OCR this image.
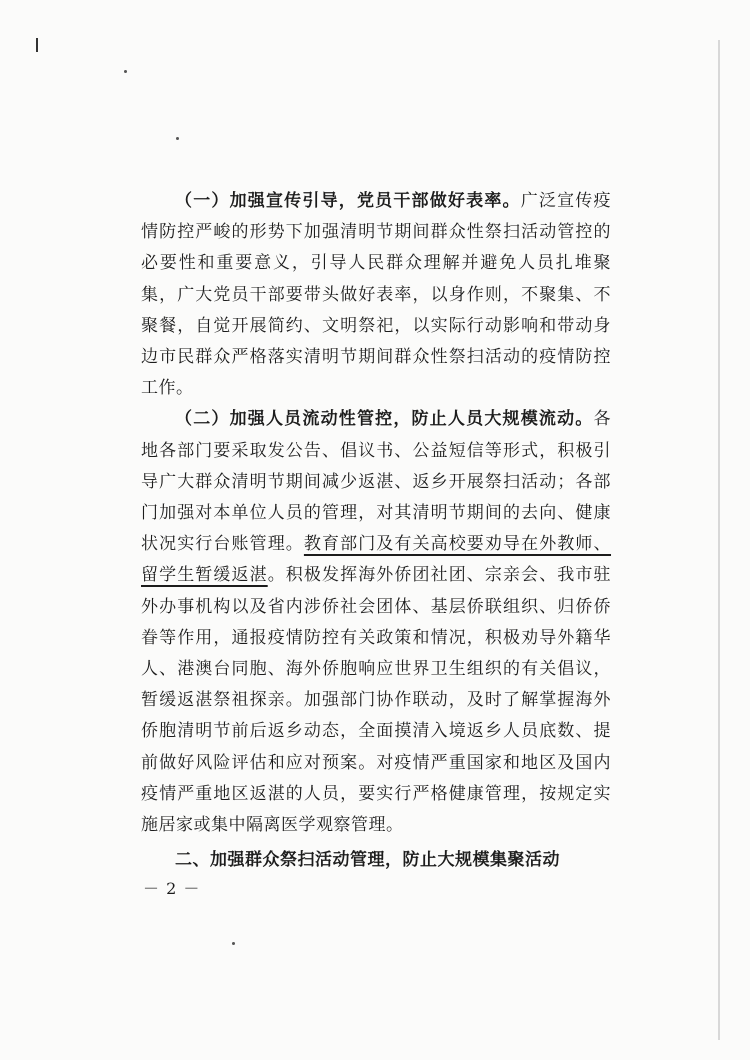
（一）加强宣传引导，党员干部做好表率。广泛宣传疫情防控严峻的形势下加强清明节期间群众性祭扫活动管控的必要性和重要意义，引导人民群众理解并避免人员扎堆聚集，广大党员干部要带头做好表率，以身作则，不聚集、不聚餐，自觉开展简约、文明祭祀，以实际行动影响和带动身边市民群众严格落实清明节期间群众性祭扫活动的疫情防控工作。

（二）加强人员流动性管控，防止人员大规模流动。各地各部门要采取发公告、倡议书、公益短信等形式，积极引导广大群众清明节期间减少返湛、返乡开展祭扫活动；各部门加强对本单位人员的管理，对其清明节期间的去向、健康状况实行台账管理。教育部门及有关高校要劝导在外教师、留学生暂缓返湛。积极发挥海外侨团社团、宗亲会、我市驻外办事机构以及省内涉侨社会团体、基层侨联组织、归侨侨眷等作用，通报疫情防控有关政策和情况，积极劝导外籍华人、港澳台同胞、海外侨胞响应世界卫生组织的有关倡议，暂缓返湛祭祖探亲。加强部门协作联动，及时了解掌握海外侨胞清明节前后返乡动态，全面摸清入境返乡人员底数、提前做好风险评估和应对预案。对疫情严重国家和地区及国内疫情严重地区返湛的人员，要实行严格健康管理，按规定实施居家或集中隔离医学观察管理。

二、加强群众祭扫活动管理，防止大规模集聚活动

－ 2 －
